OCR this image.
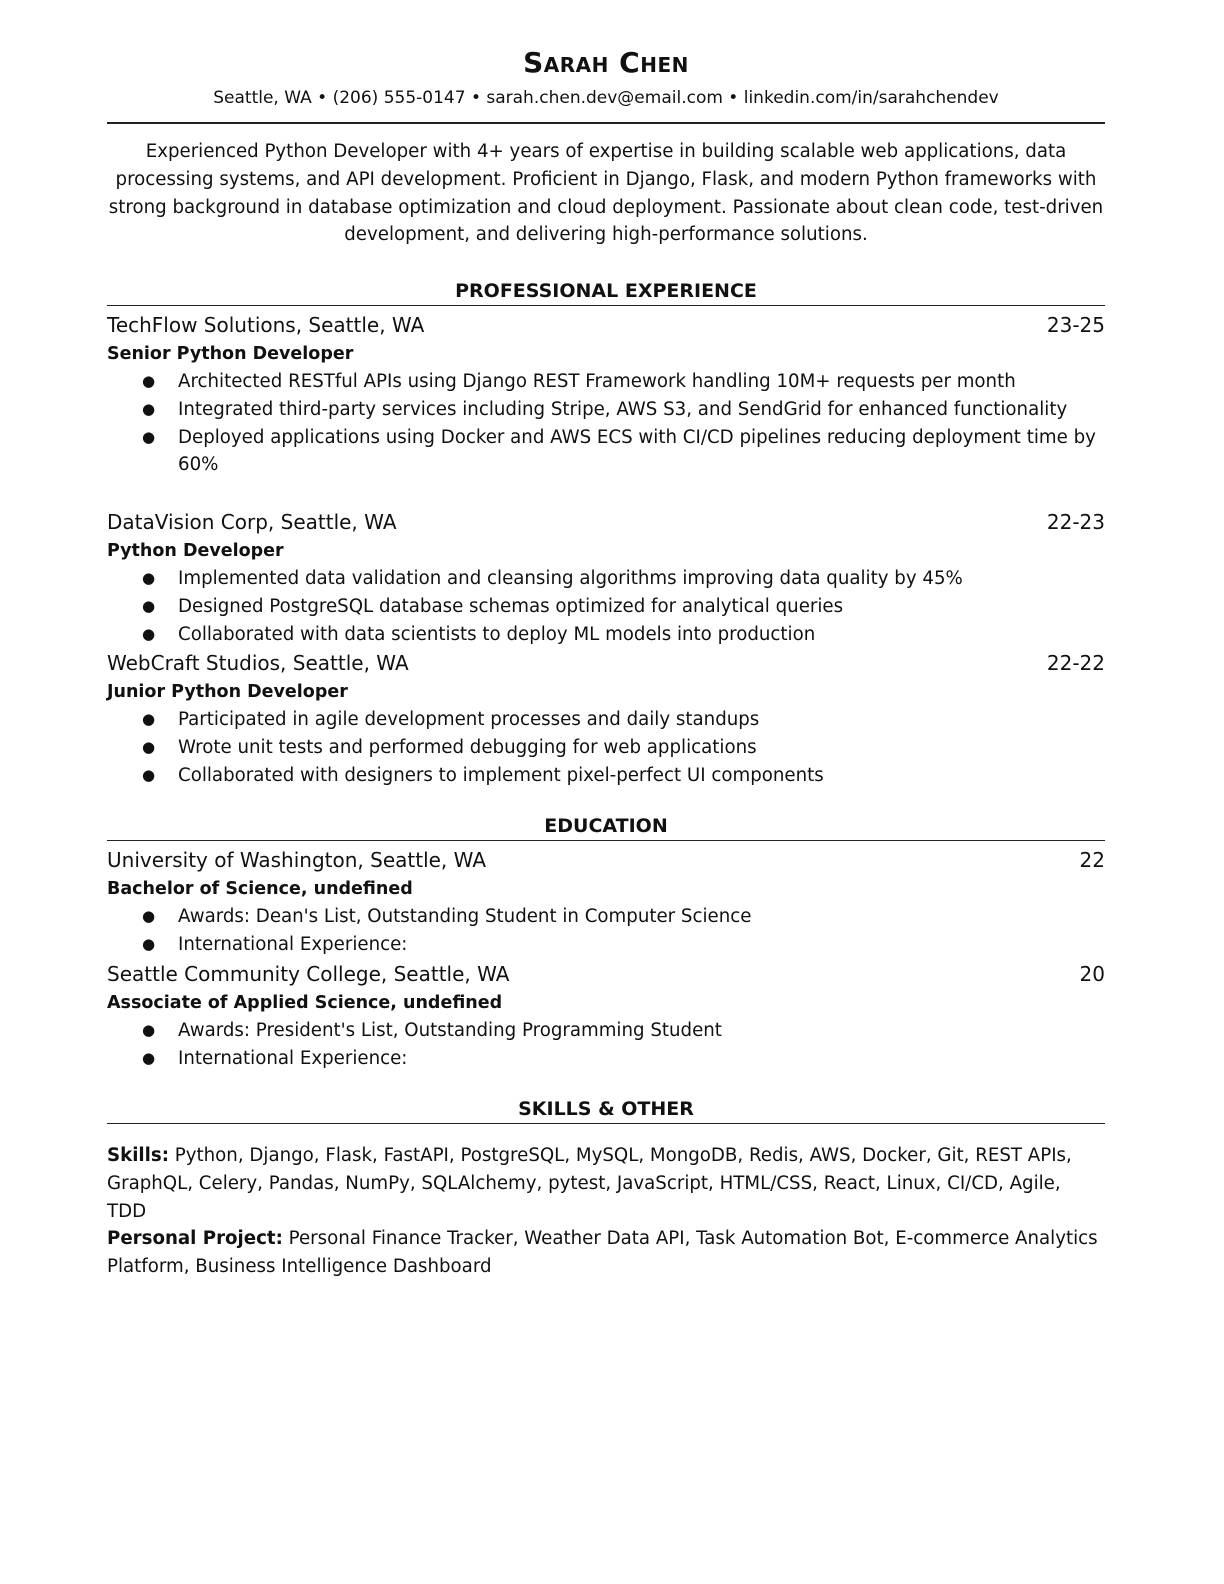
Sarah Chen
Seattle, WA • (206) 555-0147 • sarah.chen.dev@email.com • linkedin.com/in/sarahchendev

Experienced Python Developer with 4+ years of expertise in building scalable web applications, data processing systems, and API development. Proficient in Django, Flask, and modern Python frameworks with strong background in database optimization and cloud deployment. Passionate about clean code, test-driven development, and delivering high-performance solutions.

PROFESSIONAL EXPERIENCE
TechFlow Solutions, Seattle, WA	23-25
Senior Python Developer
● Architected RESTful APIs using Django REST Framework handling 10M+ requests per month
● Integrated third-party services including Stripe, AWS S3, and SendGrid for enhanced functionality
● Deployed applications using Docker and AWS ECS with CI/CD pipelines reducing deployment time by 60%
DataVision Corp, Seattle, WA	22-23
Python Developer
● Implemented data validation and cleansing algorithms improving data quality by 45%
● Designed PostgreSQL database schemas optimized for analytical queries
● Collaborated with data scientists to deploy ML models into production
WebCraft Studios, Seattle, WA	22-22
Junior Python Developer
● Participated in agile development processes and daily standups
● Wrote unit tests and performed debugging for web applications
● Collaborated with designers to implement pixel-perfect UI components
EDUCATION
University of Washington, Seattle, WA	22
Bachelor of Science, undefined
● Awards: Dean's List, Outstanding Student in Computer Science
● International Experience:
Seattle Community College, Seattle, WA	20
Associate of Applied Science, undefined
● Awards: President's List, Outstanding Programming Student
● International Experience:
SKILLS & OTHER

Skills: Python, Django, Flask, FastAPI, PostgreSQL, MySQL, MongoDB, Redis, AWS, Docker, Git, REST APIs, GraphQL, Celery, Pandas, NumPy, SQLAlchemy, pytest, JavaScript, HTML/CSS, React, Linux, CI/CD, Agile, TDD

Personal Project: Personal Finance Tracker, Weather Data API, Task Automation Bot, E-commerce Analytics Platform, Business Intelligence Dashboard
